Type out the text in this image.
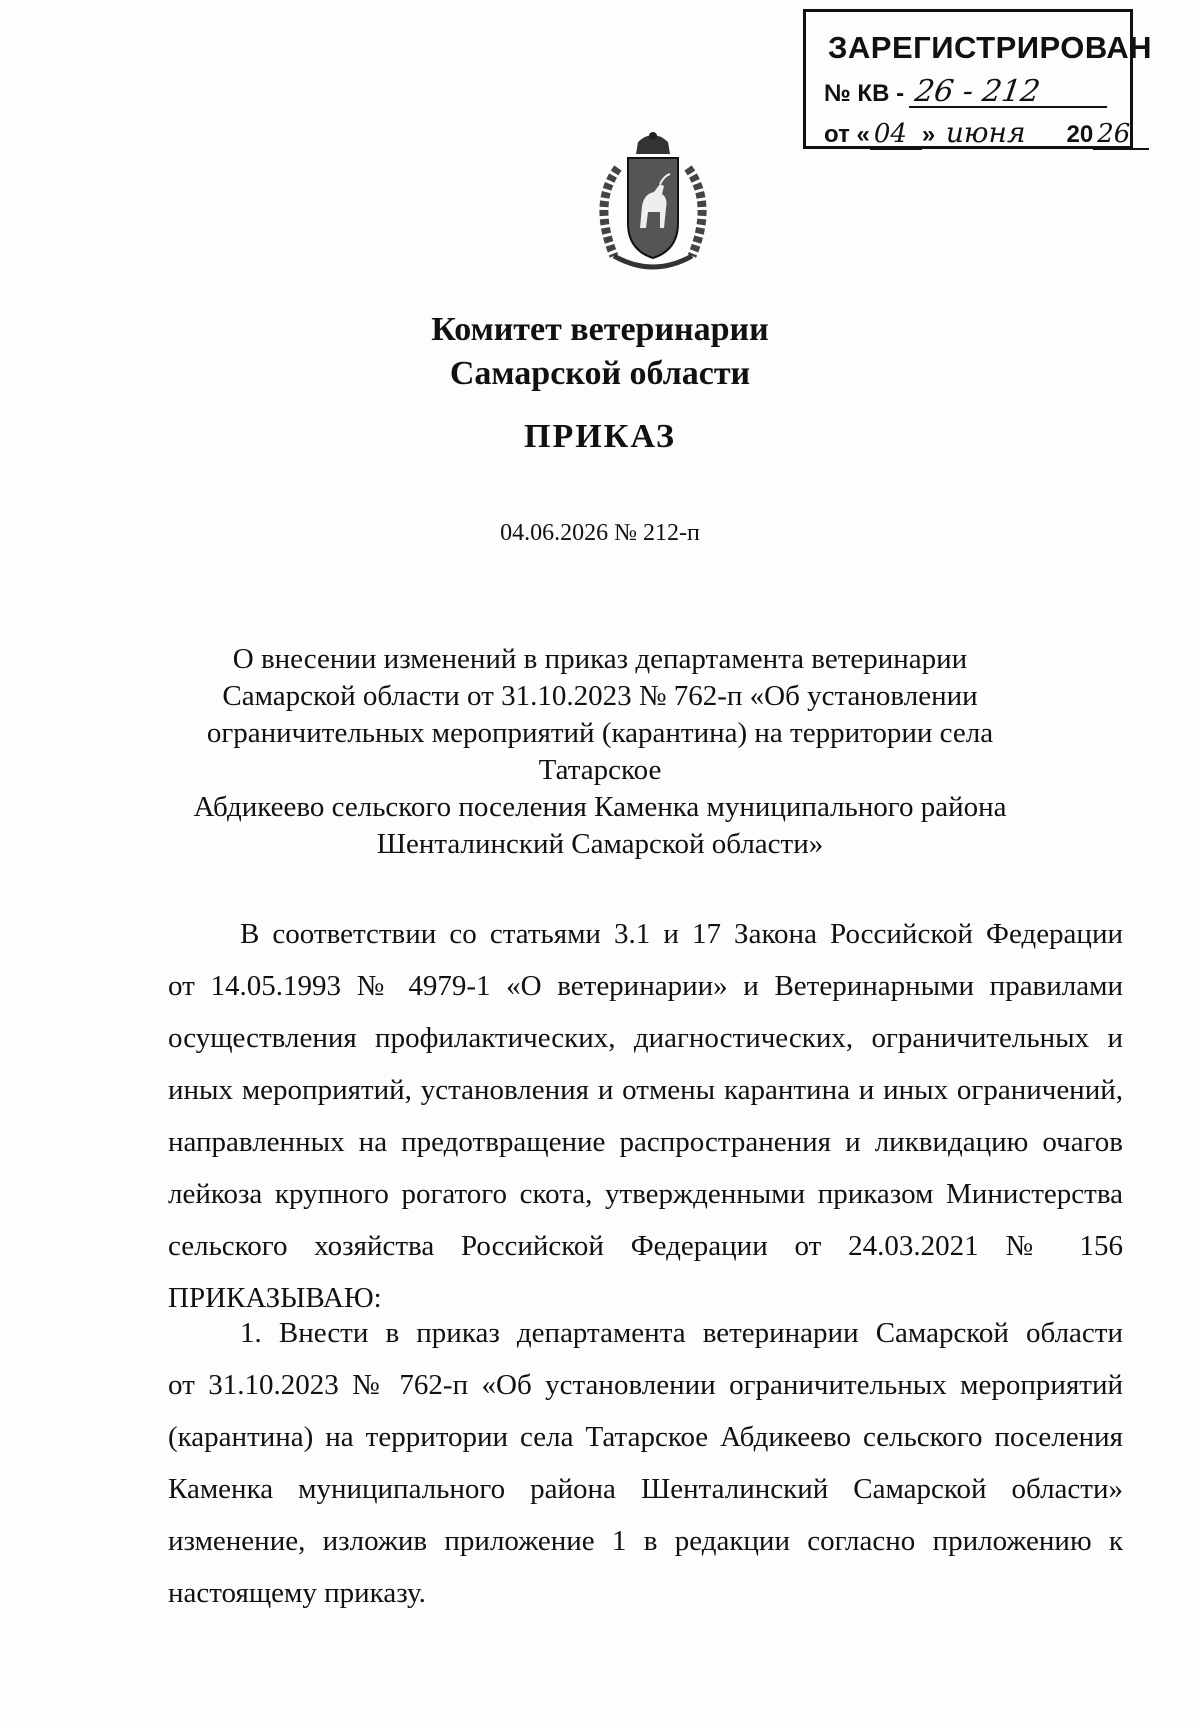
ЗАРЕГИСТРИРОВАН
№ КВ - 26 - 212
от « 04 » июня 20 26
Комитет ветеринарии
Самарской области
ПРИКАЗ
04.06.2026 № 212-п
О внесении изменений в приказ департамента ветеринарии
Самарской области от 31.10.2023 № 762-п «Об установлении
ограничительных мероприятий (карантина) на территории села Татарское
Абдикеево сельского поселения Каменка муниципального района
Шенталинский Самарской области»
В соответствии со статьями 3.1 и 17 Закона Российской Федерации
от 14.05.1993 № 4979-1 «О ветеринарии» и Ветеринарными правилами
осуществления профилактических, диагностических, ограничительных и
иных мероприятий, установления и отмены карантина и иных ограничений,
направленных на предотвращение распространения и ликвидацию очагов
лейкоза крупного рогатого скота, утвержденными приказом Министерства
сельского хозяйства Российской Федерации от 24.03.2021 № 156
ПРИКАЗЫВАЮ:
1. Внести в приказ департамента ветеринарии Самарской области
от 31.10.2023 № 762-п «Об установлении ограничительных мероприятий
(карантина) на территории села Татарское Абдикеево сельского поселения
Каменка муниципального района Шенталинский Самарской области»
изменение, изложив приложение 1 в редакции согласно приложению к
настоящему приказу.
